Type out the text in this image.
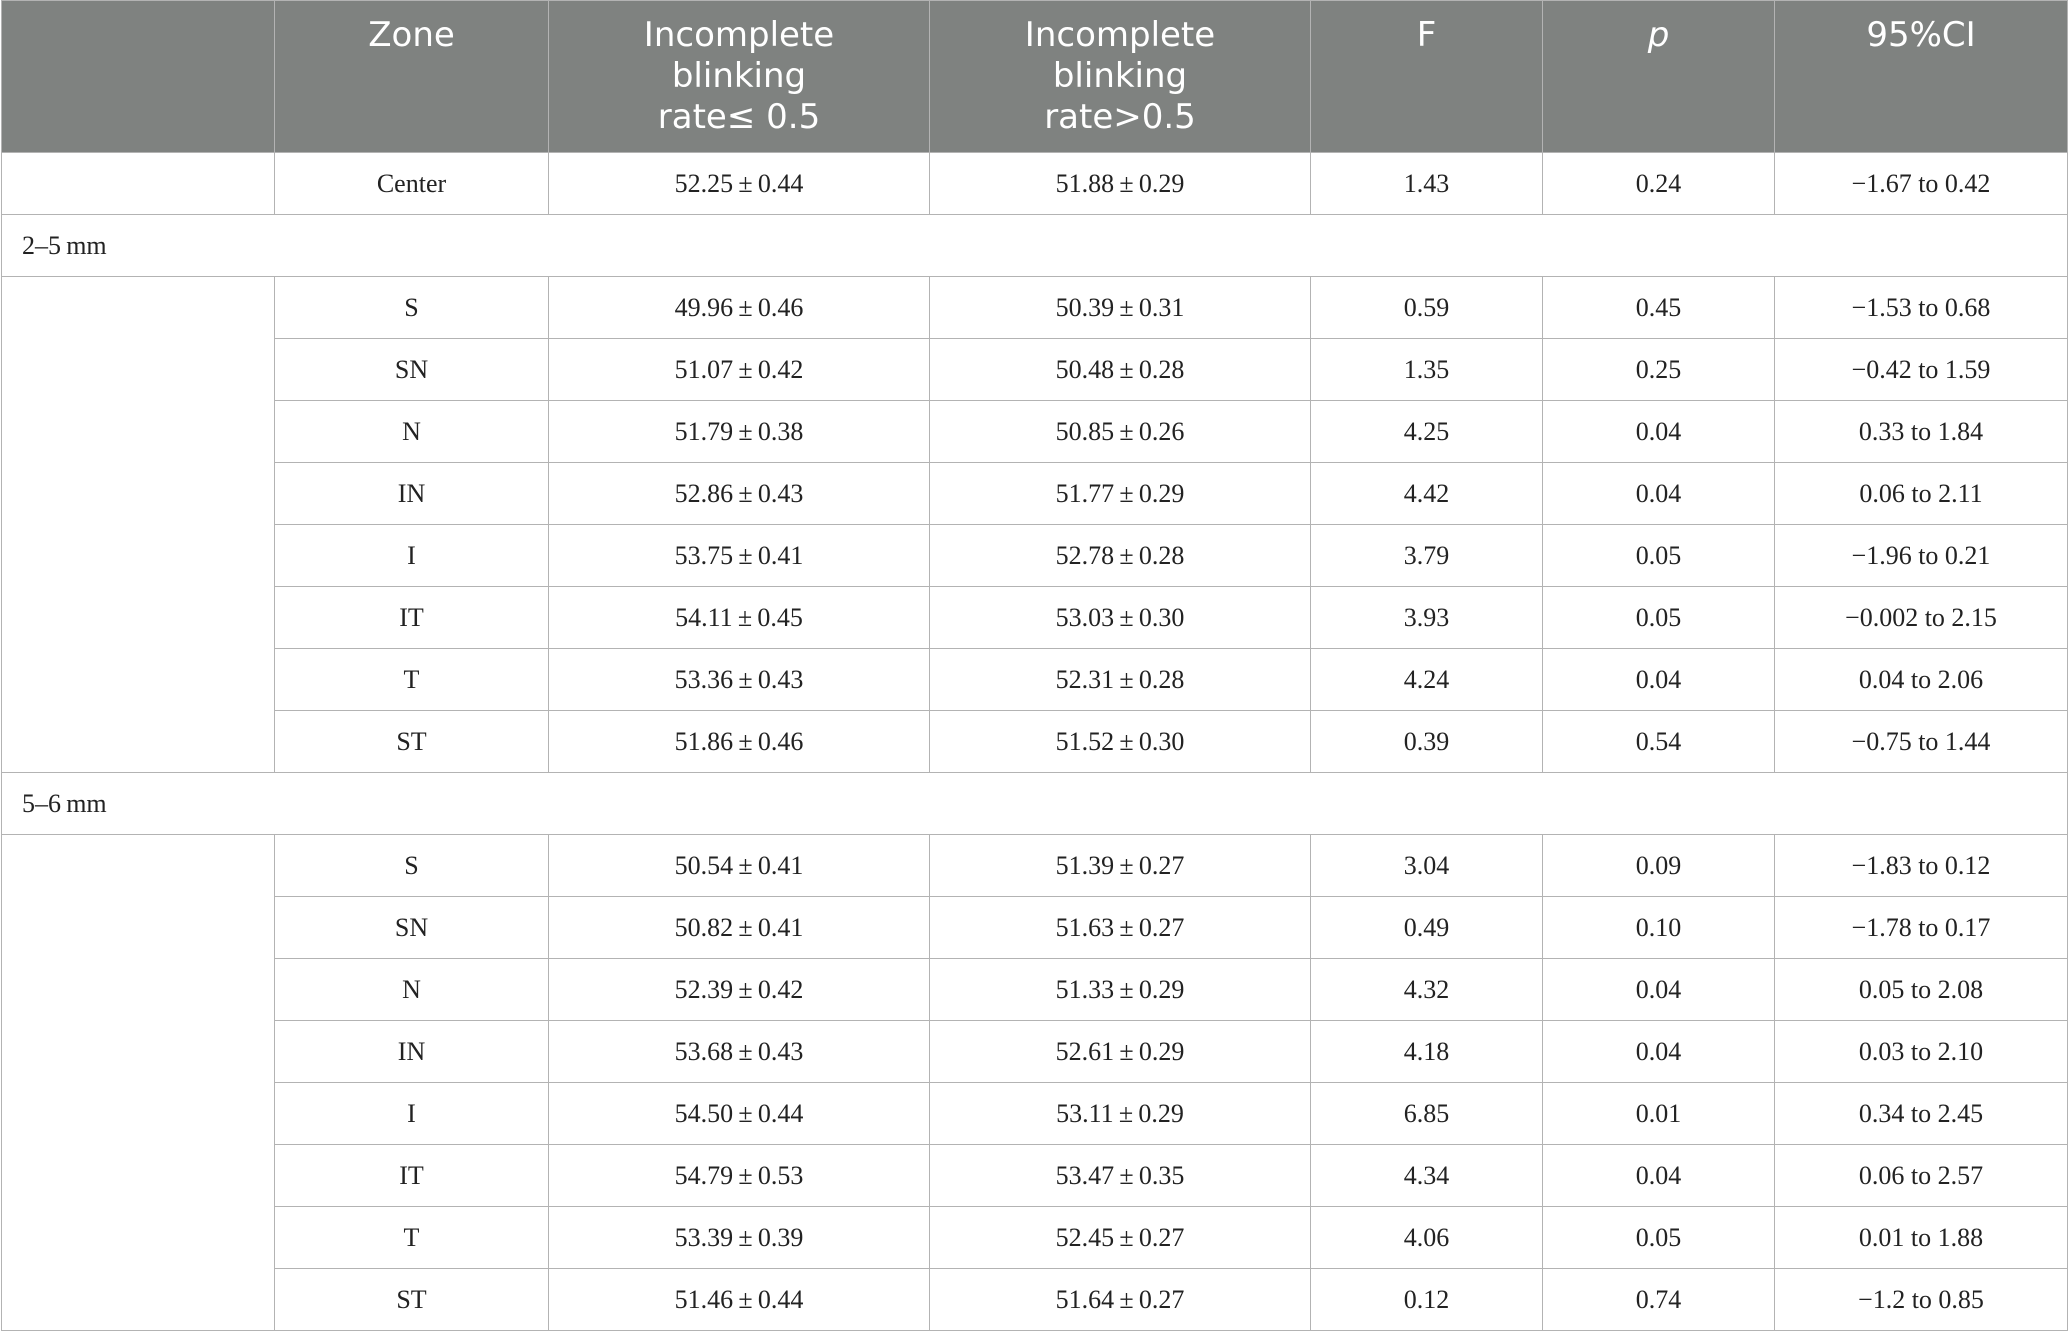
	Zone	Incomplete
blinking
rate≤ 0.5	Incomplete
blinking
rate>0.5	F	p	95%CI
	Center	52.25 ± 0.44	51.88 ± 0.29	1.43	0.24	−1.67 to 0.42
2–5 mm						
	S	49.96 ± 0.46	50.39 ± 0.31	0.59	0.45	−1.53 to 0.68
	SN	51.07 ± 0.42	50.48 ± 0.28	1.35	0.25	−0.42 to 1.59
	N	51.79 ± 0.38	50.85 ± 0.26	4.25	0.04	0.33 to 1.84
	IN	52.86 ± 0.43	51.77 ± 0.29	4.42	0.04	0.06 to 2.11
	I	53.75 ± 0.41	52.78 ± 0.28	3.79	0.05	−1.96 to 0.21
	IT	54.11 ± 0.45	53.03 ± 0.30	3.93	0.05	−0.002 to 2.15
	T	53.36 ± 0.43	52.31 ± 0.28	4.24	0.04	0.04 to 2.06
	ST	51.86 ± 0.46	51.52 ± 0.30	0.39	0.54	−0.75 to 1.44
5–6 mm						
	S	50.54 ± 0.41	51.39 ± 0.27	3.04	0.09	−1.83 to 0.12
	SN	50.82 ± 0.41	51.63 ± 0.27	0.49	0.10	−1.78 to 0.17
	N	52.39 ± 0.42	51.33 ± 0.29	4.32	0.04	0.05 to 2.08
	IN	53.68 ± 0.43	52.61 ± 0.29	4.18	0.04	0.03 to 2.10
	I	54.50 ± 0.44	53.11 ± 0.29	6.85	0.01	0.34 to 2.45
	IT	54.79 ± 0.53	53.47 ± 0.35	4.34	0.04	0.06 to 2.57
	T	53.39 ± 0.39	52.45 ± 0.27	4.06	0.05	0.01 to 1.88
	ST	51.46 ± 0.44	51.64 ± 0.27	0.12	0.74	−1.2 to 0.85
